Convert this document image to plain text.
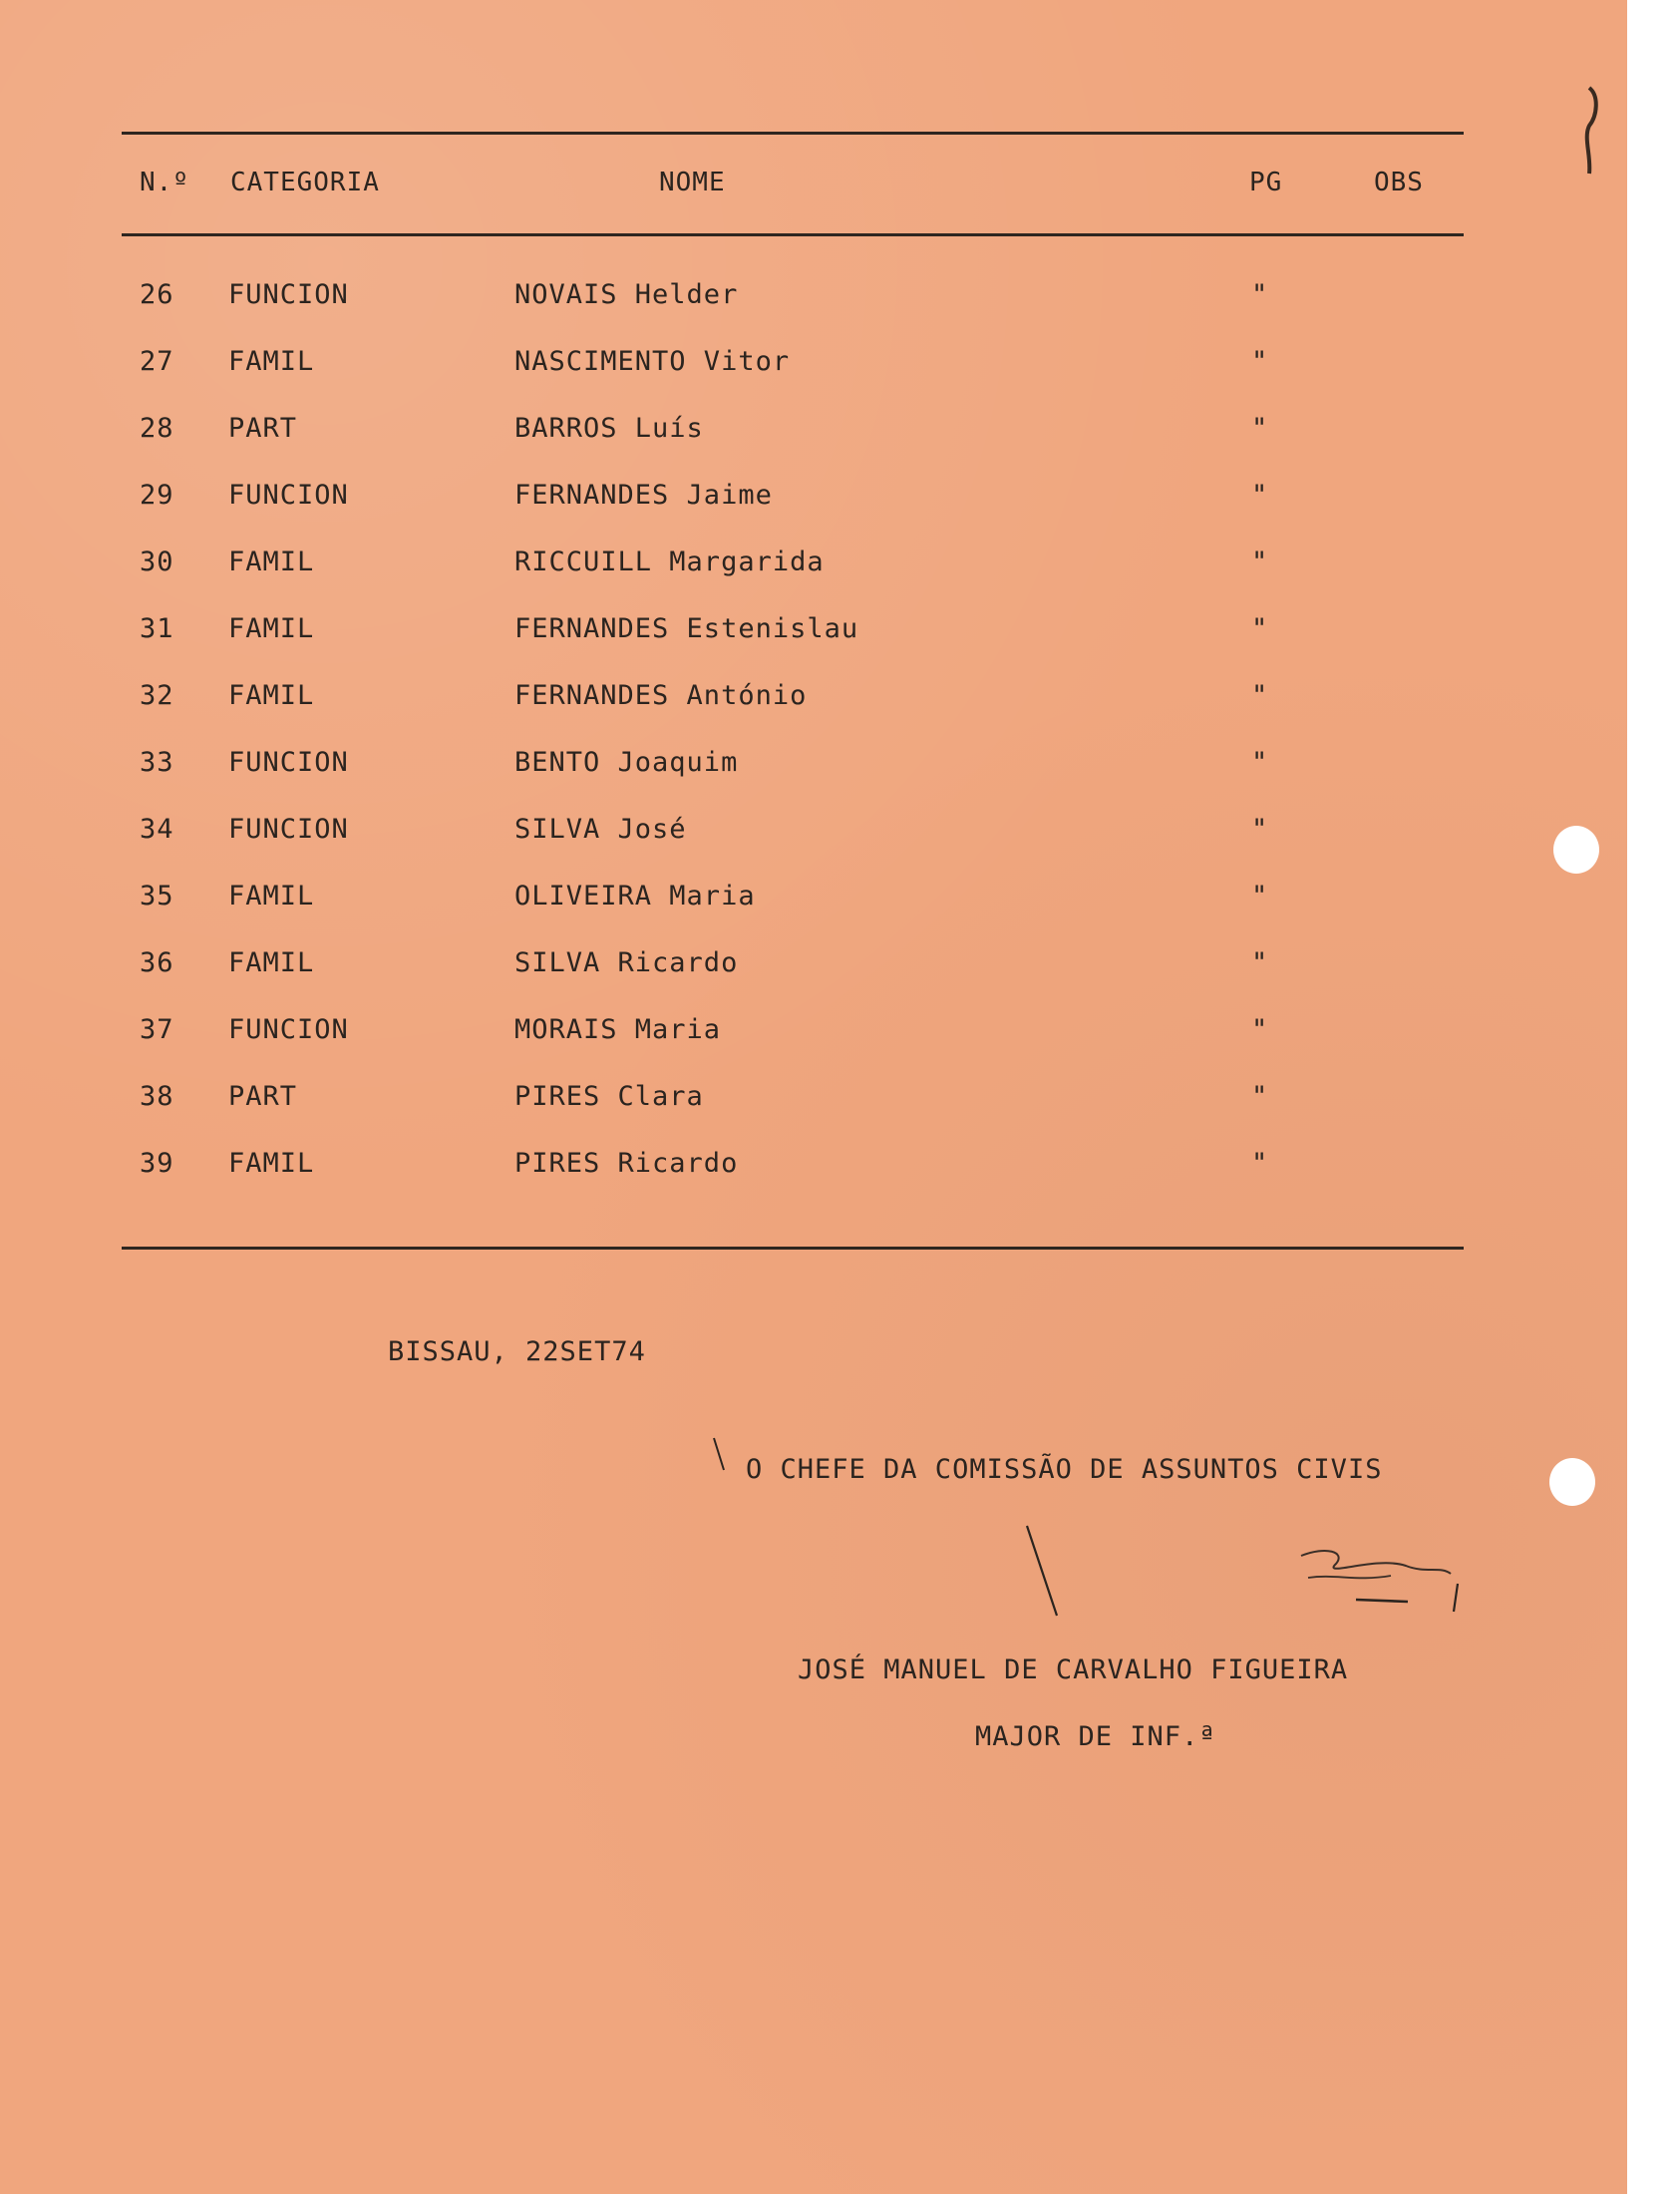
N.º CATEGORIA	NOME	PG	OBS
26 FUNCION	NOVAIS Helder	"
27 FAMIL	NASCIMENTO Vitor	"
28 PART	BARROS Luís	"
29 FUNCION	FERNANDES Jaime	"
30 FAMIL	RICCUILL Margarida	"
31 FAMIL	FERNANDES Estenislau	"
32 FAMIL	FERNANDES António	"
33 FUNCION	BENTO Joaquim	"
34 FUNCION	SILVA José	"
35 FAMIL	OLIVEIRA Maria	"
36 FAMIL	SILVA Ricardo	"
37 FUNCION	MORAIS Maria	"
38 PART	PIRES Clara	"
39 FAMIL	PIRES Ricardo	"
BISSAU, 22SET74
O CHEFE DA COMISSÃO DE ASSUNTOS CIVIS
JOSÉ MANUEL DE CARVALHO FIGUEIRA
MAJOR DE INF.ª
